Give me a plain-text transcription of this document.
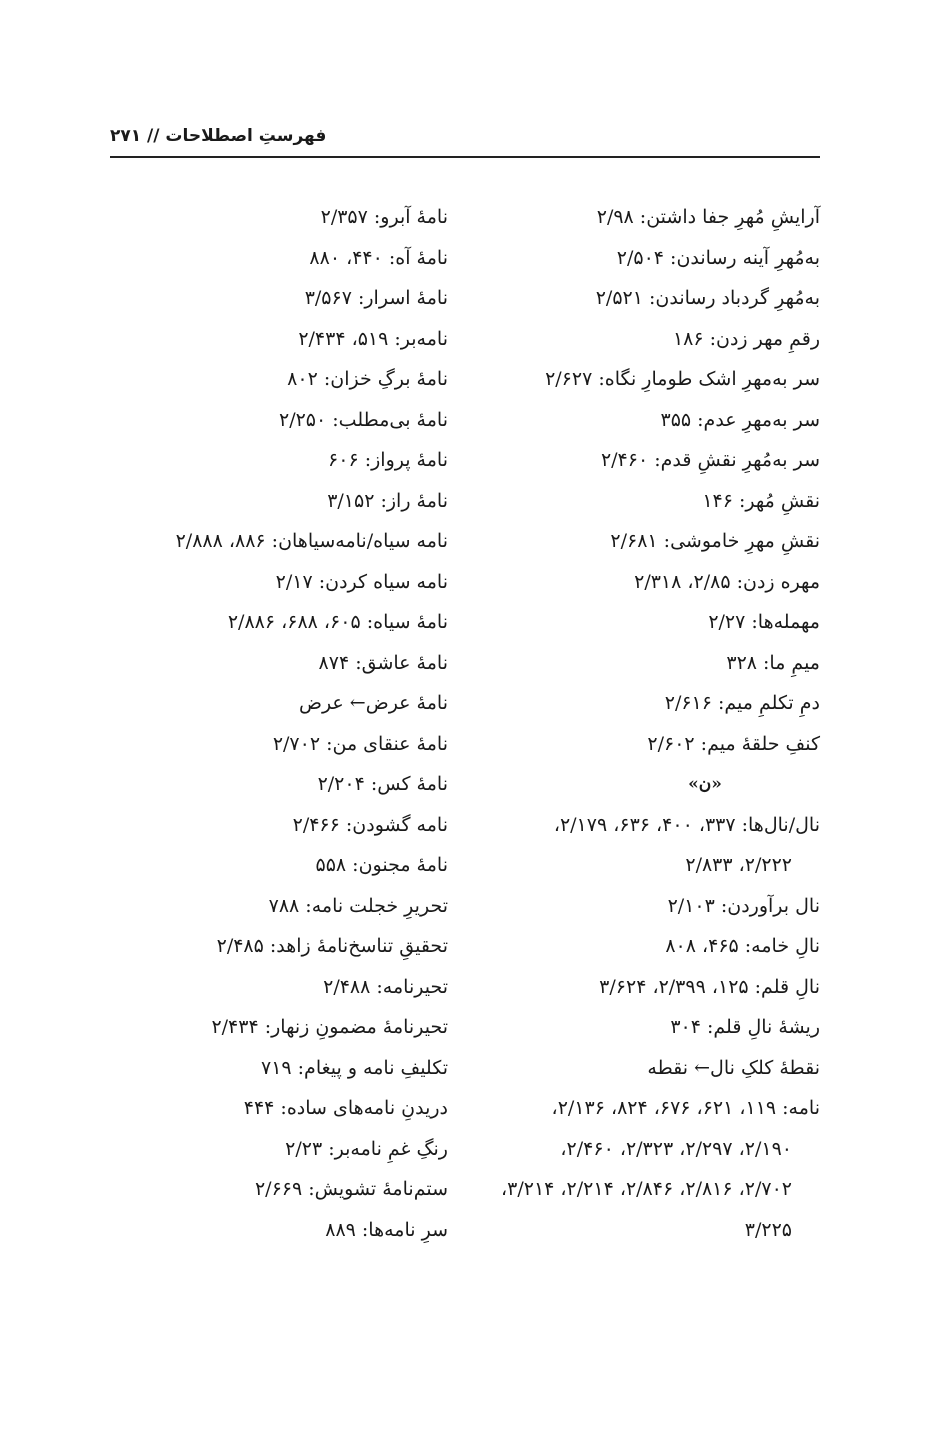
فهرستِ اصطلاحات // ۲۷۱
آرایشِ مُهرِ جفا داشتن: ۲/۹۸
به‌مُهرِ آینه رساندن: ۲/۵۰۴
به‌مُهرِ گردباد رساندن: ۲/۵۲۱
رقمِ مهر زدن: ۱۸۶
سر به‌مهرِ اشک طومارِ نگاه: ۲/۶۲۷
سر به‌مهرِ عدم: ۳۵۵
سر به‌مُهرِ نقشِ قدم: ۲/۴۶۰
نقشِ مُهر: ۱۴۶
نقشِ مهرِ خاموشی: ۲/۶۸۱
مهره زدن: ۲/۸۵، ۲/۳۱۸
مهمله‌ها: ۲/۲۷
میمِ ما: ۳۲۸
دمِ تکلمِ میم: ۲/۶۱۶
کنفِ حلقهٔ میم: ۲/۶۰۲
«ن»
نال/نال‌ها: ۳۳۷، ۴۰۰، ۶۳۶، ۲/۱۷۹،
۲/۲۲۲، ۲/۸۳۳
نال برآوردن: ۲/۱۰۳
نالِ خامه: ۴۶۵، ۸۰۸
نالِ قلم: ۱۲۵، ۲/۳۹۹، ۳/۶۲۴
ریشهٔ نالِ قلم: ۳۰۴
نقطهٔ کلکِ نال← نقطه
نامه: ۱۱۹، ۶۲۱، ۶۷۶، ۸۲۴، ۲/۱۳۶،
۲/۱۹۰، ۲/۲۹۷، ۲/۳۲۳، ۲/۴۶۰،
۲/۷۰۲، ۲/۸۱۶، ۲/۸۴۶، ۲/۲۱۴، ۳/۲۱۴،
۳/۲۲۵
نامهٔ آبرو: ۲/۳۵۷
نامهٔ آه: ۴۴۰، ۸۸۰
نامهٔ اسرار: ۳/۵۶۷
نامه‌بر: ۵۱۹، ۲/۴۳۴
نامهٔ برگِ خزان: ۸۰۲
نامهٔ بی‌مطلب: ۲/۲۵۰
نامهٔ پرواز: ۶۰۶
نامهٔ راز: ۳/۱۵۲
نامه سیاه/نامه‌سیاهان: ۸۸۶، ۲/۸۸۸
نامه سیاه کردن: ۲/۱۷
نامهٔ سیاه: ۶۰۵، ۶۸۸، ۲/۸۸۶
نامهٔ عاشق: ۸۷۴
نامهٔ عرض← عرض
نامهٔ عنقای من: ۲/۷۰۲
نامهٔ کس: ۲/۲۰۴
نامه گشودن: ۲/۴۶۶
نامهٔ مجنون: ۵۵۸
تحریرِ خجلت نامه: ۷۸۸
تحقیقِ تناسخ‌نامهٔ زاهد: ۲/۴۸۵
تحیرنامه: ۲/۴۸۸
تحیرنامهٔ مضمونِ زنهار: ۲/۴۳۴
تکلیفِ نامه و پیغام: ۷۱۹
دریدنِ نامه‌های ساده: ۴۴۴
رنگِ غمِ نامه‌بر: ۲/۲۳
ستم‌نامهٔ تشویش: ۲/۶۶۹
سرِ نامه‌ها: ۸۸۹
